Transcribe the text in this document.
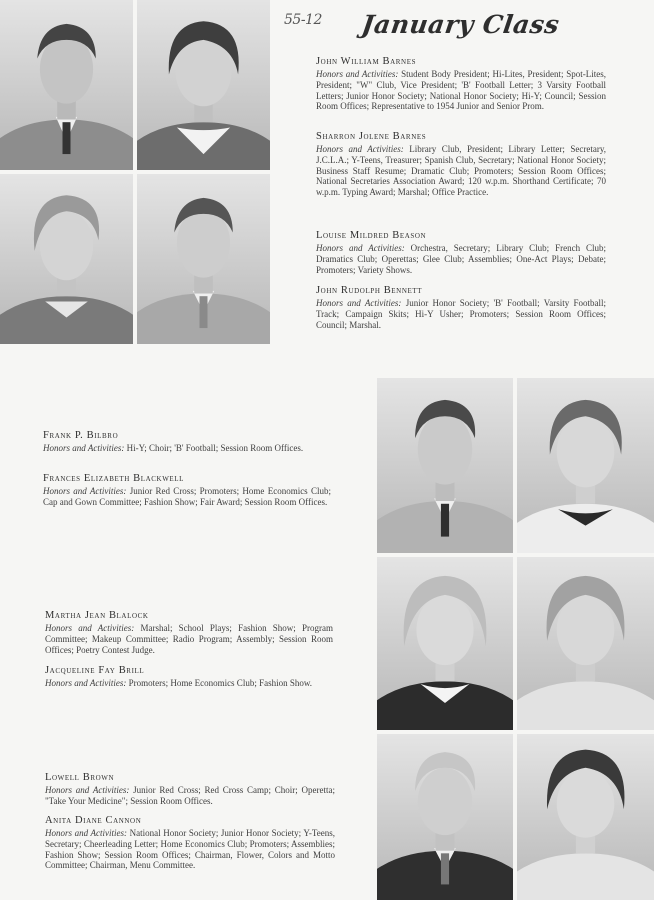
55-12 January Class
John William Barnes
Honors and Activities: Student Body President; Hi-Lites, President; Spot-Lites, President; "W" Club, Vice President; 'B' Football Letter; 3 Varsity Football Letters; Junior Honor Society; National Honor Society; Hi-Y; Council; Session Room Offices; Representative to 1954 Junior and Senior Prom.
Sharron Jolene Barnes
Honors and Activities: Library Club, President; Library Letter; Secretary, J.C.L.A.; Y-Teens, Treasurer; Spanish Club, Secretary; National Honor Society; Business Staff Resume; Dramatic Club; Promoters; Session Room Offices; National Secretaries Association Award; 120 w.p.m. Shorthand Certificate; 70 w.p.m. Typing Award; Marshal; Office Practice.
Louise Mildred Beason
Honors and Activities: Orchestra, Secretary; Library Club; French Club; Dramatics Club; Operettas; Glee Club; Assemblies; One-Act Plays; Debate; Promoters; Variety Shows.
John Rudolph Bennett
Honors and Activities: Junior Honor Society; 'B' Football; Varsity Football; Track; Campaign Skits; Hi-Y Usher; Promoters; Session Room Offices; Council; Marshal.
Frank P. Bilbro
Honors and Activities: Hi-Y; Choir; 'B' Football; Session Room Offices.
Frances Elizabeth Blackwell
Honors and Activities: Junior Red Cross; Promoters; Home Economics Club; Cap and Gown Committee; Fashion Show; Fair Award; Session Room Offices.
Martha Jean Blalock
Honors and Activities: Marshal; School Plays; Fashion Show; Program Committee; Makeup Committee; Radio Program; Assembly; Session Room Offices; Poetry Contest Judge.
Jacqueline Fay Brill
Honors and Activities: Promoters; Home Economics Club; Fashion Show.
Lowell Brown
Honors and Activities: Junior Red Cross; Red Cross Camp; Choir; Operetta; "Take Your Medicine"; Session Room Offices.
Anita Diane Cannon
Honors and Activities: National Honor Society; Junior Honor Society; Y-Teens, Secretary; Cheerleading Letter; Home Economics Club; Promoters; Assemblies; Fashion Show; Session Room Offices; Chairman, Flower, Colors and Motto Committee; Chairman, Menu Committee.
